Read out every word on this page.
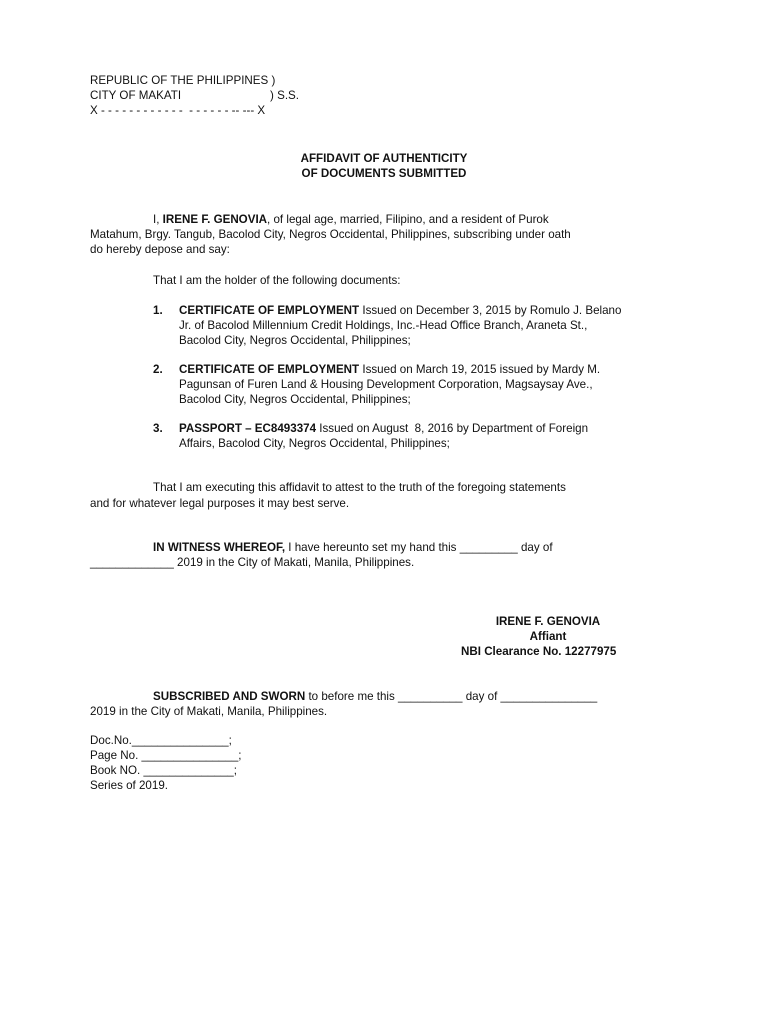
REPUBLIC OF THE PHILIPPINES )
CITY OF MAKATI	) S.S.
X - - - - - - - - - - - -  - - - - - - -- --- X
AFFIDAVIT OF AUTHENTICITY
OF DOCUMENTS SUBMITTED
I, IRENE F. GENOVIA, of legal age, married, Filipino, and a resident of Purok
Matahum, Brgy. Tangub, Bacolod City, Negros Occidental, Philippines, subscribing under oath
do hereby depose and say:
That I am the holder of the following documents:
1. CERTIFICATE OF EMPLOYMENT Issued on December 3, 2015 by Romulo J. Belano
Jr. of Bacolod Millennium Credit Holdings, Inc.-Head Office Branch, Araneta St.,
Bacolod City, Negros Occidental, Philippines;
2. CERTIFICATE OF EMPLOYMENT Issued on March 19, 2015 issued by Mardy M.
Pagunsan of Furen Land & Housing Development Corporation, Magsaysay Ave.,
Bacolod City, Negros Occidental, Philippines;
3. PASSPORT – EC8493374 Issued on August  8, 2016 by Department of Foreign
Affairs, Bacolod City, Negros Occidental, Philippines;
That I am executing this affidavit to attest to the truth of the foregoing statements
and for whatever legal purposes it may best serve.
IN WITNESS WHEREOF, I have hereunto set my hand this _________ day of
_____________ 2019 in the City of Makati, Manila, Philippines.
IRENE F. GENOVIA
Affiant
NBI Clearance No. 12277975
SUBSCRIBED AND SWORN to before me this __________ day of _______________
2019 in the City of Makati, Manila, Philippines.
Doc.No._______________;
Page No. _______________;
Book NO. ______________;
Series of 2019.
